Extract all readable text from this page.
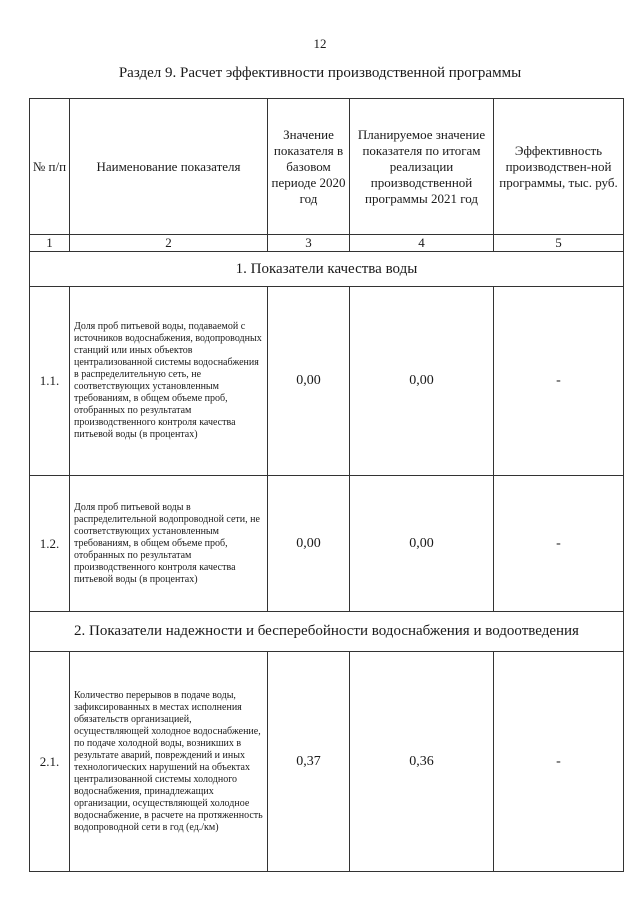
12
Раздел 9. Расчет эффективности производственной программы
№ п/п	Наименование показателя	Значение показателя в базовом периоде 2020 год	Планируемое значение показателя по итогам реализации производственной программы 2021 год	Эффективность производствен-ной программы, тыс. руб.
1	2	3	4	5
1. Показатели качества воды				
1.1.	Доля проб питьевой воды, подаваемой с источников водоснабжения, водопроводных станций или иных объектов централизованной системы водоснабжения в распределительную сеть, не соответствующих установленным требованиям, в общем объеме проб, отобранных по результатам производственного контроля качества питьевой воды (в процентах)	0,00	0,00	-
1.2.	Доля проб питьевой воды в распределительной водопроводной сети, не соответствующих установленным требованиям, в общем объеме проб, отобранных по результатам производственного контроля качества питьевой воды (в процентах)	0,00	0,00	-
2. Показатели надежности и бесперебойности водоснабжения и водоотведения				
2.1.	Количество перерывов в подаче воды, зафиксированных в местах исполнения обязательств организацией, осуществляющей холодное водоснабжение, по подаче холодной воды, возникших в результате аварий, повреждений и иных технологических нарушений на объектах централизованной системы холодного водоснабжения, принадлежащих организации, осуществляющей холодное водоснабжение, в расчете на протяженность водопроводной сети в год (ед./км)	0,37	0,36	-
